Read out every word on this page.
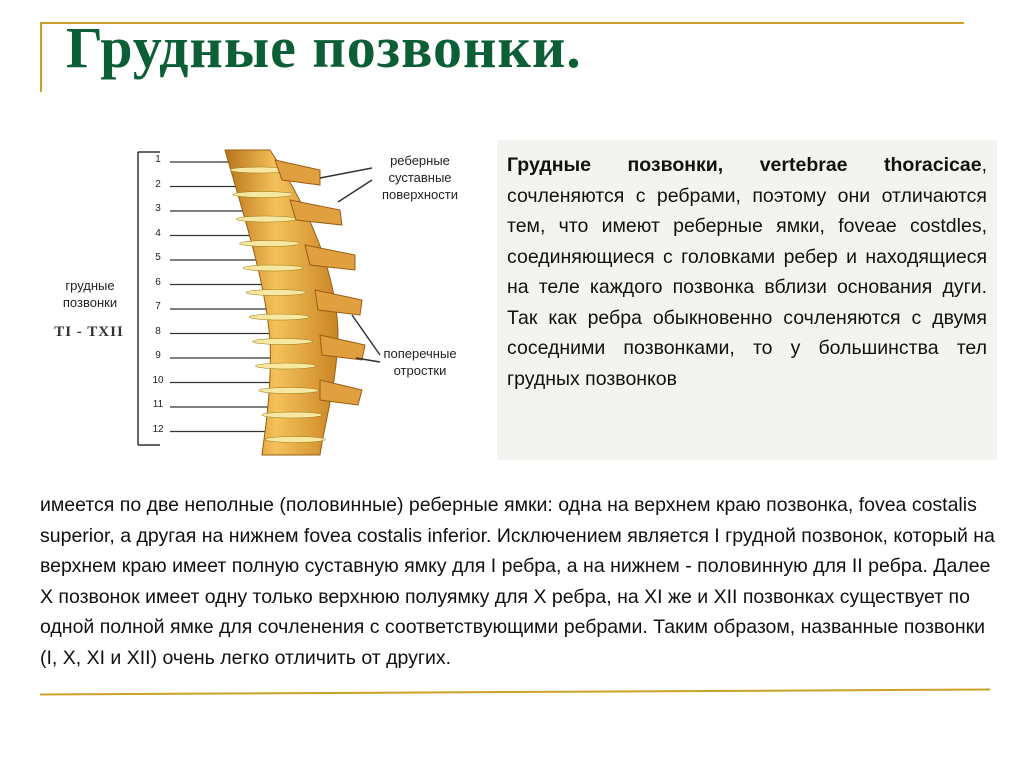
Грудные позвонки.
грудные позвонки
TI - TXII
реберные суставные поверхности
поперечные отростки
1
2
3
4
5
6
7
8
9
10
11
12
Грудные позвонки, vertebrae thoracicae, сочленяются с ребрами, поэтому они отличаются тем, что имеют реберные ямки, foveae costdles, соединяющиеся с головками ребер и находящиеся на теле каждого позвонка вблизи основания дуги. Так как ребра обыкновенно сочленяются с двумя соседними позвонками, то у большинства тел грудных позвонков
имеется по две неполные (половинные) реберные ямки: одна на верхнем краю позвонка, fovea costalis superior, а другая на нижнем fovea costalis inferior. Исключением является I грудной позвонок, который на верхнем краю имеет полную суставную ямку для I ребра, а на нижнем - половинную для II ребра. Далее X позвонок имеет одну только верхнюю полуямку для X ребра, на XI же и XII позвонках существует по одной полной ямке для сочленения с соответствующими ребрами. Таким образом, названные позвонки (I, X, XI и XII) очень легко отличить от других.
